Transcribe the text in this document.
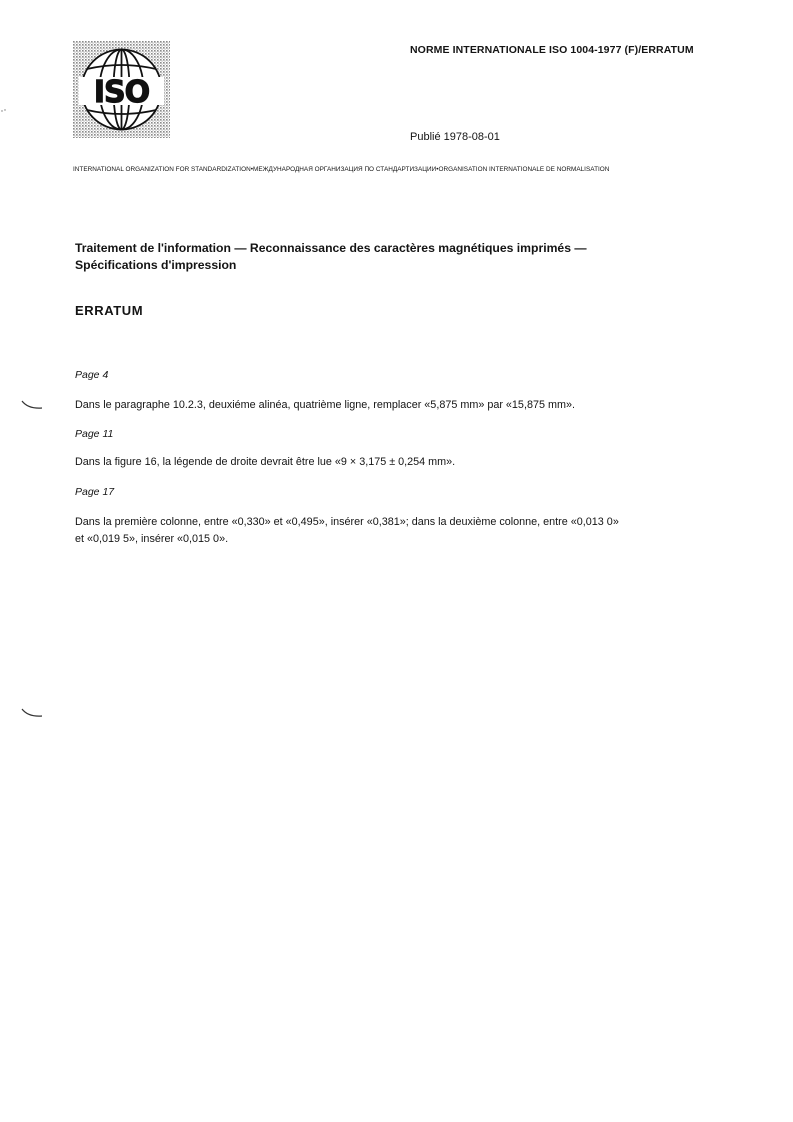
ISO
NORME INTERNATIONALE ISO 1004-1977 (F)/ERRATUM
Publié 1978-08-01
INTERNATIONAL ORGANIZATION FOR STANDARDIZATION•МЕЖДУНАРОДНАЯ ОРГАНИЗАЦИЯ ПО СТАНДАРТИЗАЦИИ•ORGANISATION INTERNATIONALE DE NORMALISATION
Traitement de l'information — Reconnaissance des caractères magnétiques imprimés —
Spécifications d'impression
ERRATUM
Page 4
Dans le paragraphe 10.2.3, deuxiéme alinéa, quatrième ligne, remplacer «5,875 mm» par «15,875 mm».
Page 11
Dans la figure 16, la légende de droite devrait être lue «9 × 3,175 ± 0,254 mm».
Page 17
Dans la première colonne, entre «0,330» et «0,495», insérer «0,381»; dans la deuxième colonne, entre «0,013 0»
et «0,019 5», insérer «0,015 0».
